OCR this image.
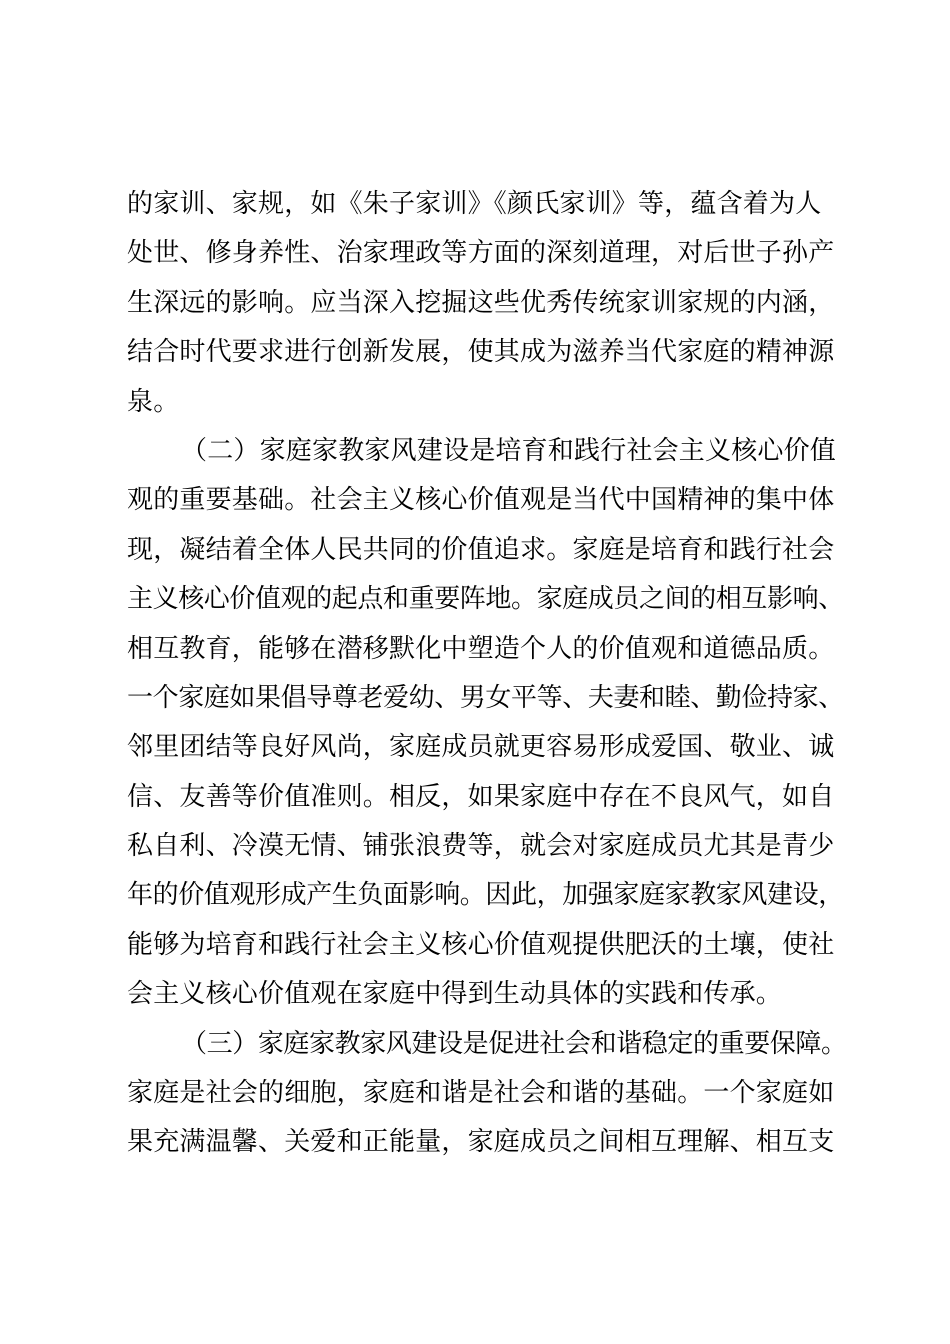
的家训、家规，如《朱子家训》《颜氏家训》等，蕴含着为人
处世、修身养性、治家理政等方面的深刻道理，对后世子孙产
生深远的影响。应当深入挖掘这些优秀传统家训家规的内涵，
结合时代要求进行创新发展，使其成为滋养当代家庭的精神源
泉。
（二）家庭家教家风建设是培育和践行社会主义核心价值
观的重要基础。社会主义核心价值观是当代中国精神的集中体
现，凝结着全体人民共同的价值追求。家庭是培育和践行社会
主义核心价值观的起点和重要阵地。家庭成员之间的相互影响、
相互教育，能够在潜移默化中塑造个人的价值观和道德品质。
一个家庭如果倡导尊老爱幼、男女平等、夫妻和睦、勤俭持家、
邻里团结等良好风尚，家庭成员就更容易形成爱国、敬业、诚
信、友善等价值准则。相反，如果家庭中存在不良风气，如自
私自利、冷漠无情、铺张浪费等，就会对家庭成员尤其是青少
年的价值观形成产生负面影响。因此，加强家庭家教家风建设，
能够为培育和践行社会主义核心价值观提供肥沃的土壤，使社
会主义核心价值观在家庭中得到生动具体的实践和传承。
（三）家庭家教家风建设是促进社会和谐稳定的重要保障。
家庭是社会的细胞，家庭和谐是社会和谐的基础。一个家庭如
果充满温馨、关爱和正能量，家庭成员之间相互理解、相互支
